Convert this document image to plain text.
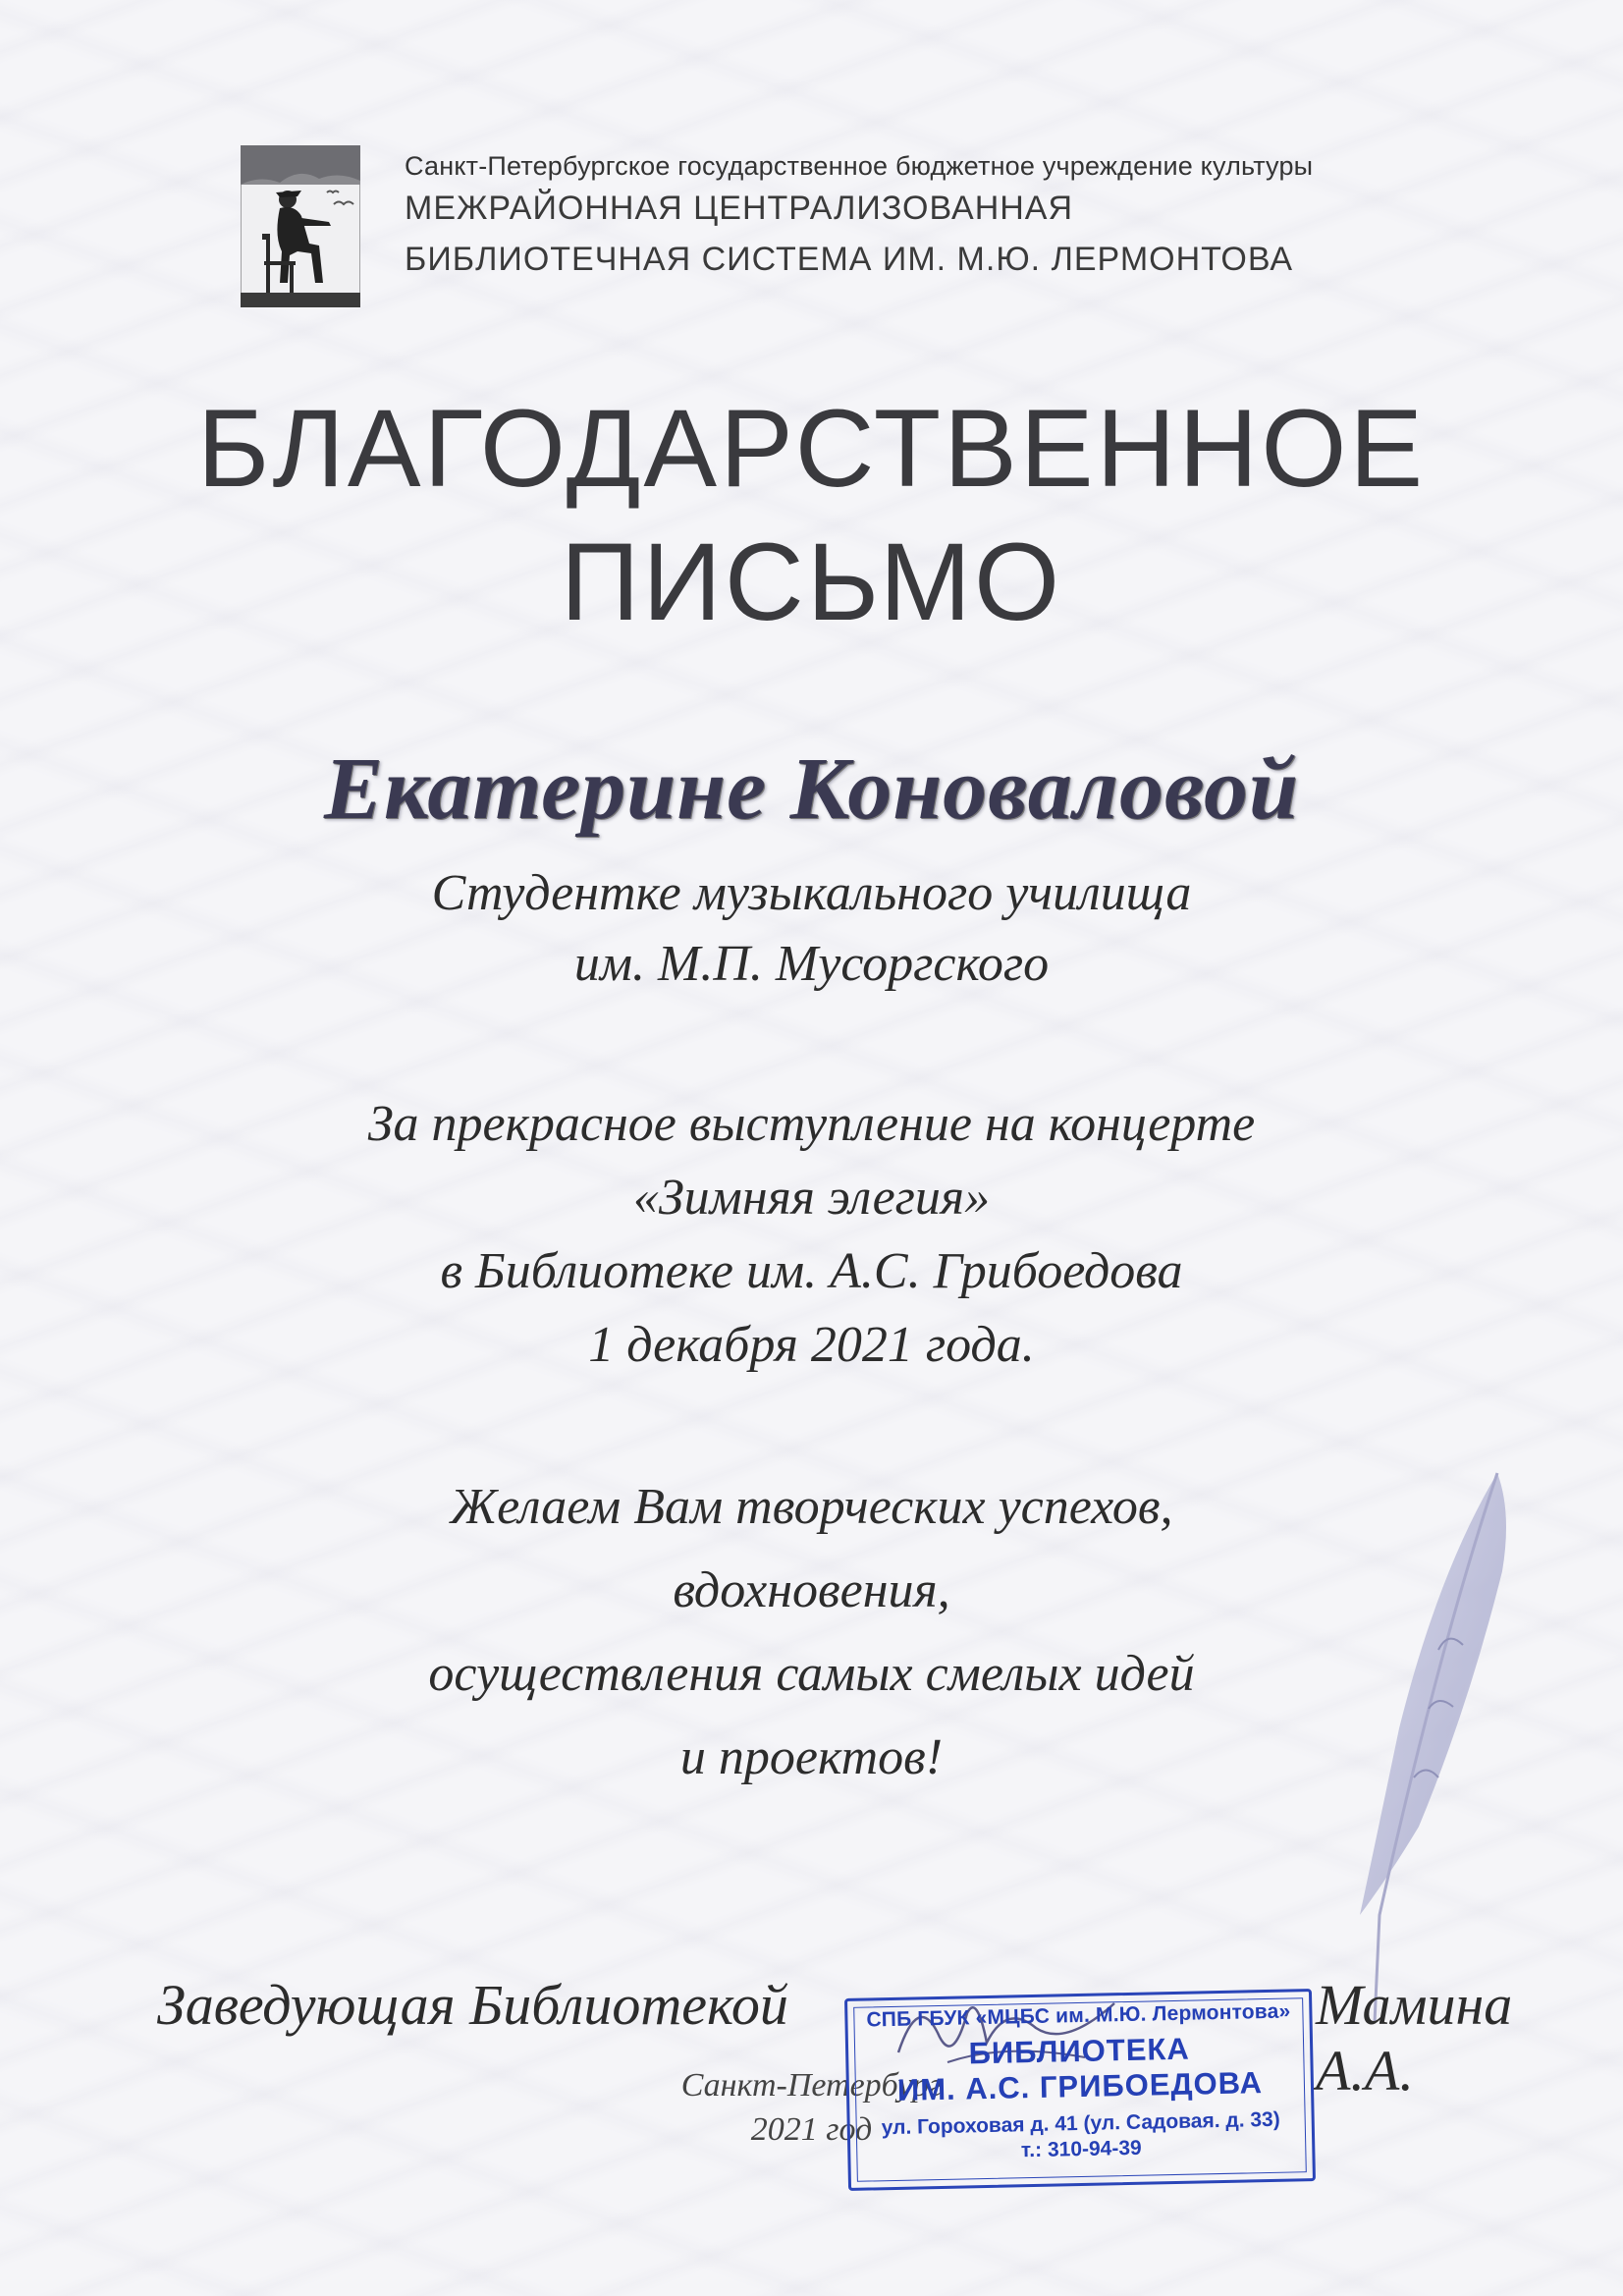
Санкт-Петербургское государственное бюджетное учреждение культуры
МЕЖРАЙОННАЯ ЦЕНТРАЛИЗОВАННАЯ
БИБЛИОТЕЧНАЯ СИСТЕМА ИМ. М.Ю. ЛЕРМОНТОВА
БЛАГОДАРСТВЕННОЕ
ПИСЬМО
Екатерине Коноваловой
Студентке музыкального училища
им. М.П. Мусоргского
За прекрасное выступление на концерте
«Зимняя элегия»
в Библиотеке им. А.С. Грибоедова
1 декабря 2021 года.
Желаем Вам творческих успехов,
вдохновения,
осуществления самых смелых идей
и проектов!
Заведующая Библиотекой	Мамина А.А.
Санкт-Петербург
2021 год
СПБ ГБУК «МЦБС им. М.Ю. Лермонтова»
БИБЛИОТЕКА
ИМ. А.С. ГРИБОЕДОВА
ул. Гороховая д. 41 (ул. Садовая. д. 33)
т.: 310-94-39
